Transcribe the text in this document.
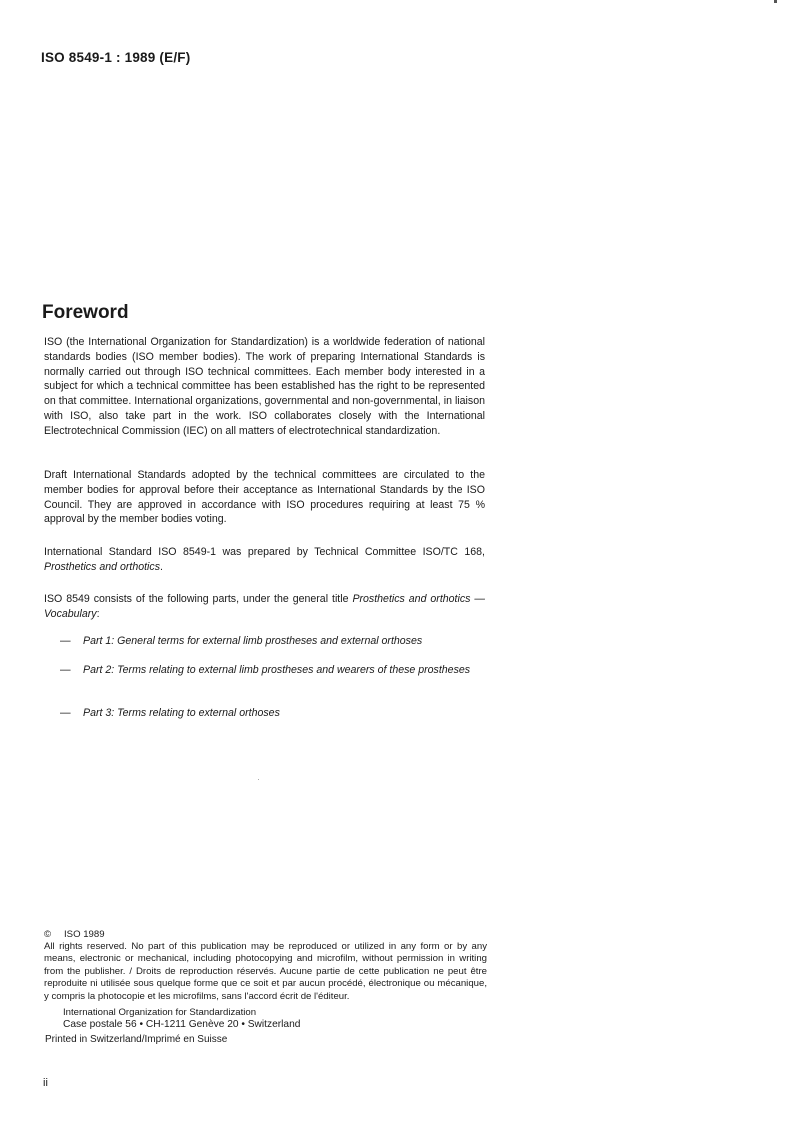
ISO 8549-1 : 1989 (E/F)
Foreword

ISO (the International Organization for Standardization) is a worldwide federation of national standards bodies (ISO member bodies). The work of preparing International Standards is normally carried out through ISO technical committees. Each member body interested in a subject for which a technical committee has been established has the right to be represented on that committee. International organizations, governmental and non-governmental, in liaison with ISO, also take part in the work. ISO collaborates closely with the International Electrotechnical Commission (IEC) on all matters of electrotechnical standardization.

Draft International Standards adopted by the technical committees are circulated to the member bodies for approval before their acceptance as International Standards by the ISO Council. They are approved in accordance with ISO procedures requiring at least 75 % approval by the member bodies voting.

International Standard ISO 8549-1 was prepared by Technical Committee ISO/TC 168, Prosthetics and orthotics.

ISO 8549 consists of the following parts, under the general title Prosthetics and orthotics — Vocabulary:

— Part 1: General terms for external limb prostheses and external orthoses

— Part 2: Terms relating to external limb prostheses and wearers of these prostheses

— Part 3: Terms relating to external orthoses

© ISO 1989

All rights reserved. No part of this publication may be reproduced or utilized in any form or by any means, electronic or mechanical, including photocopying and microfilm, without permission in writing from the publisher. / Droits de reproduction réservés. Aucune partie de cette publication ne peut être reproduite ni utilisée sous quelque forme que ce soit et par aucun procédé, électronique ou mécanique, y compris la photocopie et les microfilms, sans l'accord écrit de l'éditeur.

International Organization for Standardization
Case postale 56 • CH-1211 Genève 20 • Switzerland
Printed in Switzerland/Imprimé en Suisse
ii
